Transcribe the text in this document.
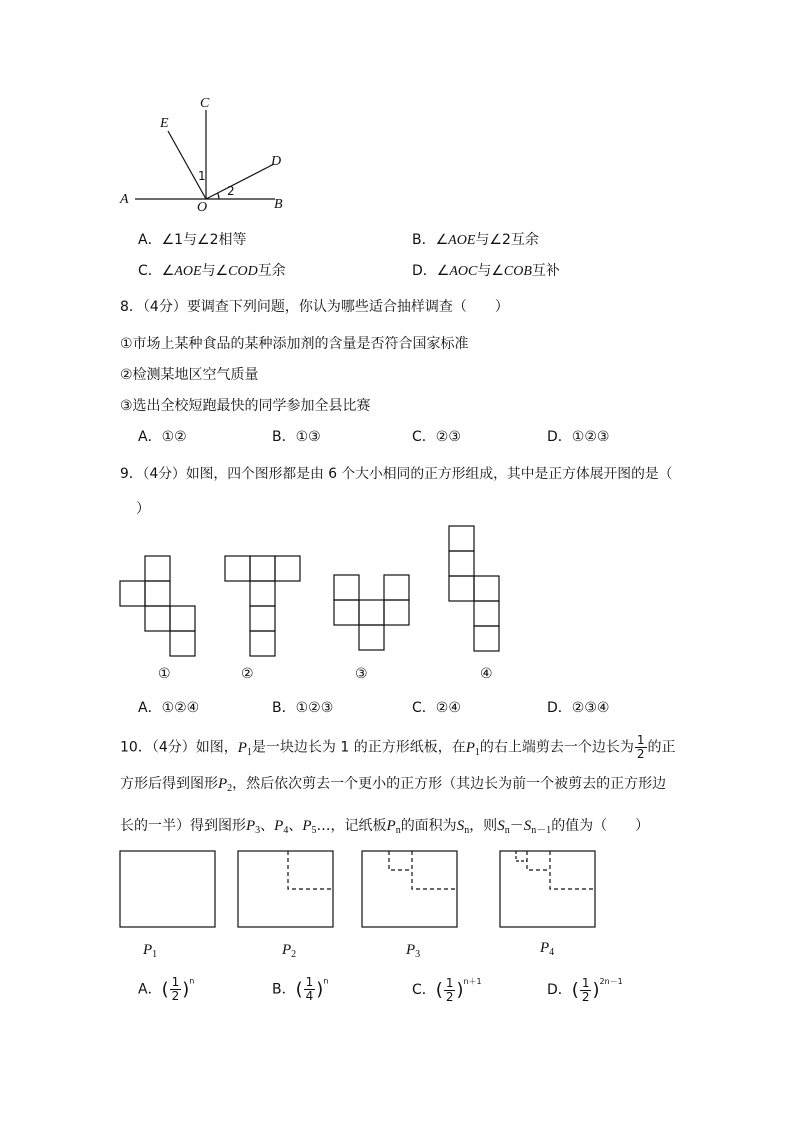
A
O	B
C
E
D
1
2
A．∠1与∠2相等	B．∠AOE与∠2互余
C．∠AOE与∠COD互余	D．∠AOC与∠COB互补
8．（4分）要调查下列问题，你认为哪些适合抽样调查（　　）
①市场上某种食品的某种添加剂的含量是否符合国家标准
②检测某地区空气质量
③选出全校短跑最快的同学参加全县比赛
A．①②	B．①③	C．②③	D．①②③
9．（4分）如图，四个图形都是由 6 个大小相同的正方形组成，其中是正方体展开图的是（
）
①	②	③	④
A．①②④	B．①②③	C．②④	D．②③④
10．（4分）如图，$P_1$是一块边长为 1 的正方形纸板，在$P_1$的右上端剪去一个边长为 $\frac{1}{2}$ 的正
方形后得到图形$P_2$，然后依次剪去一个更小的正方形（其边长为前一个被剪去的正方形边
长的一半）得到图形$P_3$、$P_4$、$P_5\dots$，记纸板$P_n$的面积为$S_n$，则$S_n-S_{n-1}$的值为（　　）
$P_1$	$P_2$	$P_3$	$P_4$
A．( $\frac{1}{2} )^n$
B．( $\frac{1}{4} )^n$
C．( $\frac{1}{2} )^{n+1}$
D．( $\frac{1}{2} )^{2n-1}$
